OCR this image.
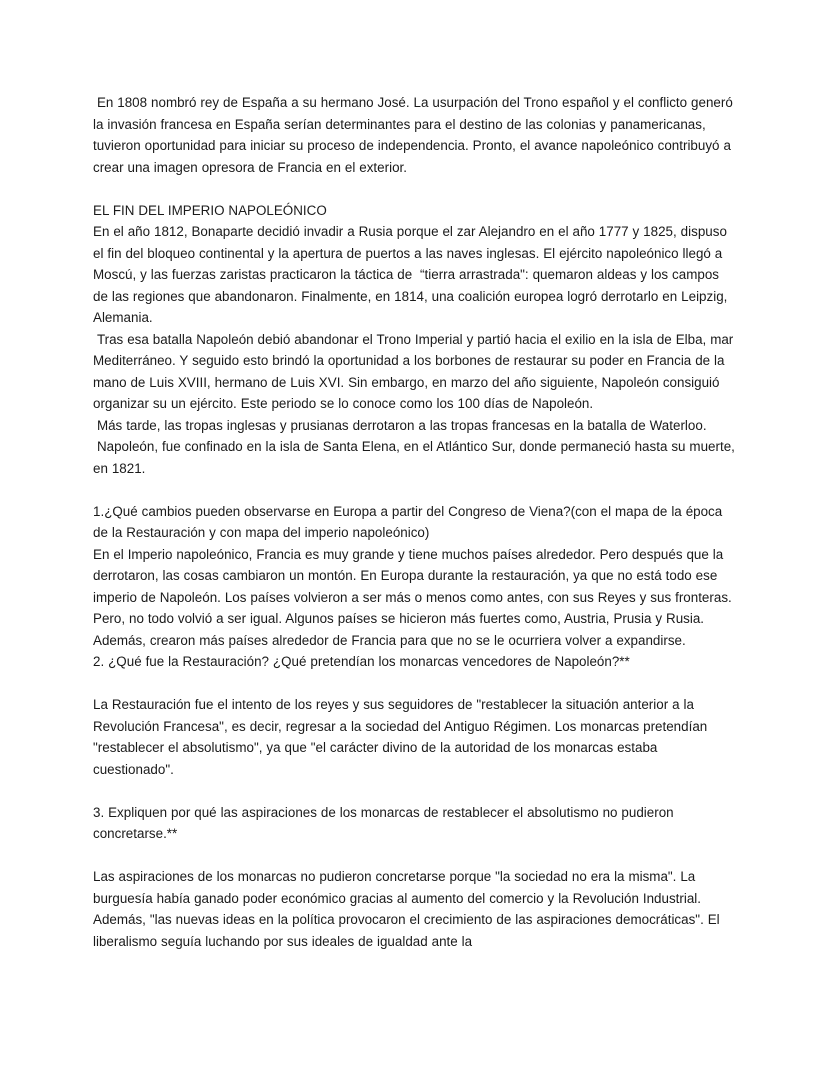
En 1808 nombró rey de España a su hermano José. La usurpación del Trono español y el conflicto generó la invasión francesa en España serían determinantes para el destino de las colonias y panamericanas, tuvieron oportunidad para iniciar su proceso de independencia. Pronto, el avance napoleónico contribuyó a crear una imagen opresora de Francia en el exterior.

EL FIN DEL IMPERIO NAPOLEÓNICO

En el año 1812, Bonaparte decidió invadir a Rusia porque el zar Alejandro en el año 1777 y 1825, dispuso el fin del bloqueo continental y la apertura de puertos a las naves inglesas. El ejército napoleónico llegó a Moscú, y las fuerzas zaristas practicaron la táctica de  “tierra arrastrada": quemaron aldeas y los campos de las regiones que abandonaron. Finalmente, en 1814, una coalición europea logró derrotarlo en Leipzig, Alemania.

Tras esa batalla Napoleón debió abandonar el Trono Imperial y partió hacia el exilio en la isla de Elba, mar Mediterráneo. Y seguido esto brindó la oportunidad a los borbones de restaurar su poder en Francia de la mano de Luis XVIII, hermano de Luis XVI. Sin embargo, en marzo del año siguiente, Napoleón consiguió organizar su un ejército. Este periodo se lo conoce como los 100 días de Napoleón.

Más tarde, las tropas inglesas y prusianas derrotaron a las tropas francesas en la batalla de Waterloo.

Napoleón, fue confinado en la isla de Santa Elena, en el Atlántico Sur, donde permaneció hasta su muerte, en 1821.

1.¿Qué cambios pueden observarse en Europa a partir del Congreso de Viena?(con el mapa de la época de la Restauración y con mapa del imperio napoleónico)

En el Imperio napoleónico, Francia es muy grande y tiene muchos países alrededor. Pero después que la derrotaron, las cosas cambiaron un montón. En Europa durante la restauración, ya que no está todo ese imperio de Napoleón. Los países volvieron a ser más o menos como antes, con sus Reyes y sus fronteras. Pero, no todo volvió a ser igual. Algunos países se hicieron más fuertes como, Austria, Prusia y Rusia.  Además, crearon más países alrededor de Francia para que no se le ocurriera volver a expandirse.

2. ¿Qué fue la Restauración? ¿Qué pretendían los monarcas vencedores de Napoleón?**

La Restauración fue el intento de los reyes y sus seguidores de "restablecer la situación anterior a la Revolución Francesa", es decir, regresar a la sociedad del Antiguo Régimen. Los monarcas pretendían "restablecer el absolutismo", ya que "el carácter divino de la autoridad de los monarcas estaba cuestionado".

3. Expliquen por qué las aspiraciones de los monarcas de restablecer el absolutismo no pudieron concretarse.**

Las aspiraciones de los monarcas no pudieron concretarse porque "la sociedad no era la misma". La burguesía había ganado poder económico gracias al aumento del comercio y la Revolución Industrial. Además, "las nuevas ideas en la política provocaron el crecimiento de las aspiraciones democráticas". El liberalismo seguía luchando por sus ideales de igualdad ante la
